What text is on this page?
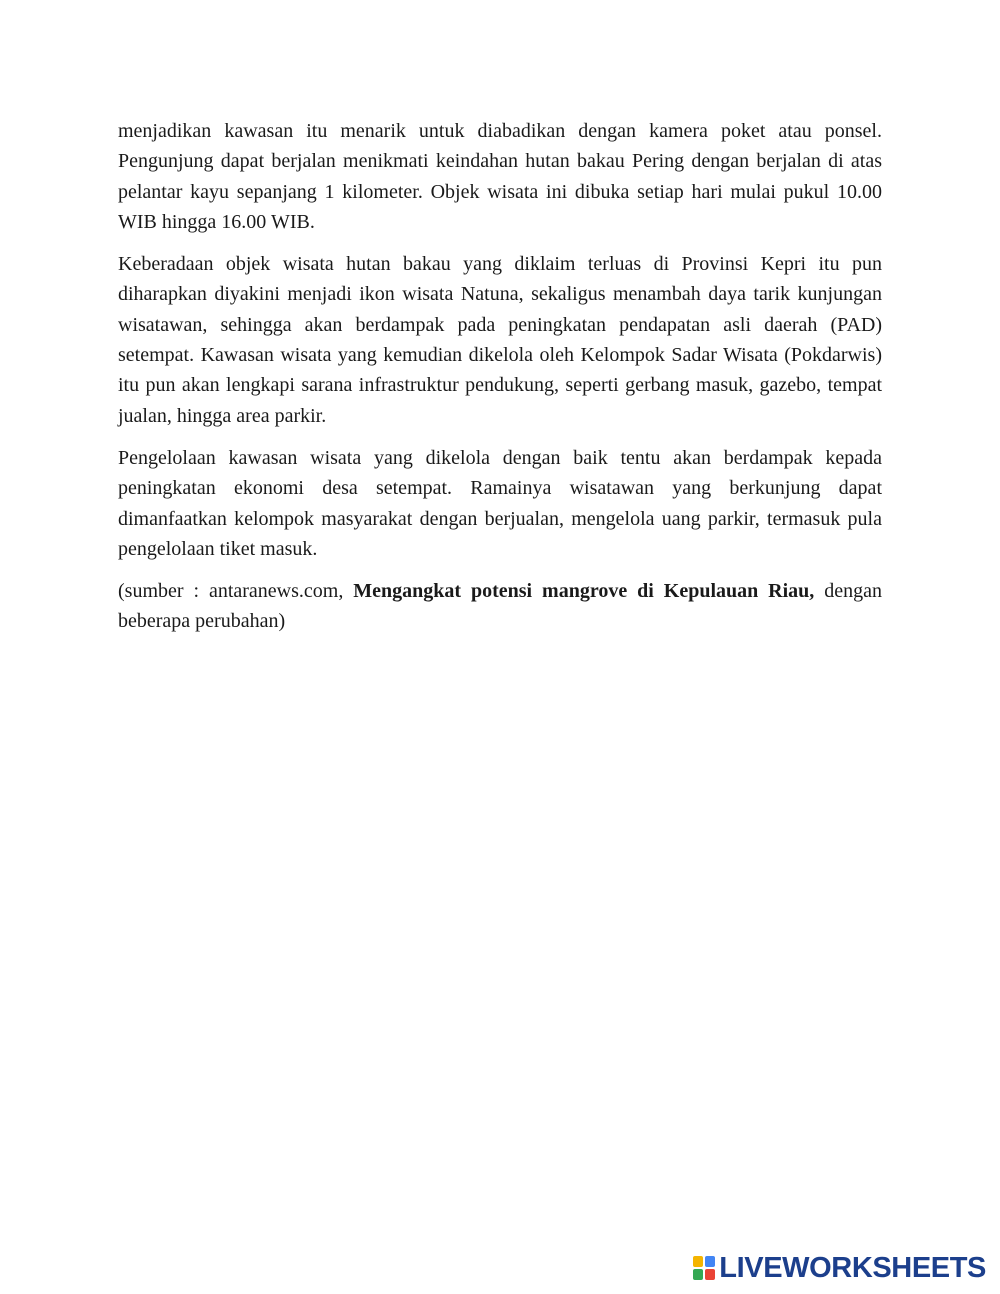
menjadikan kawasan itu menarik untuk diabadikan dengan kamera poket atau ponsel. Pengunjung dapat berjalan menikmati keindahan hutan bakau Pering dengan berjalan di atas pelantar kayu sepanjang 1 kilometer. Objek wisata ini dibuka setiap hari mulai pukul 10.00 WIB hingga 16.00 WIB.

Keberadaan objek wisata hutan bakau yang diklaim terluas di Provinsi Kepri itu pun diharapkan diyakini menjadi ikon wisata Natuna, sekaligus menambah daya tarik kunjungan wisatawan, sehingga akan berdampak pada peningkatan pendapatan asli daerah (PAD) setempat. Kawasan wisata yang kemudian dikelola oleh Kelompok Sadar Wisata (Pokdarwis) itu pun akan lengkapi sarana infrastruktur pendukung, seperti gerbang masuk, gazebo, tempat jualan, hingga area parkir.

Pengelolaan kawasan wisata yang dikelola dengan baik tentu akan berdampak kepada peningkatan ekonomi desa setempat. Ramainya wisatawan yang berkunjung dapat dimanfaatkan kelompok masyarakat dengan berjualan, mengelola uang parkir, termasuk pula pengelolaan tiket masuk.

(sumber : antaranews.com, Mengangkat potensi mangrove di Kepulauan Riau, dengan beberapa perubahan)

LIVEWORKSHEETS
